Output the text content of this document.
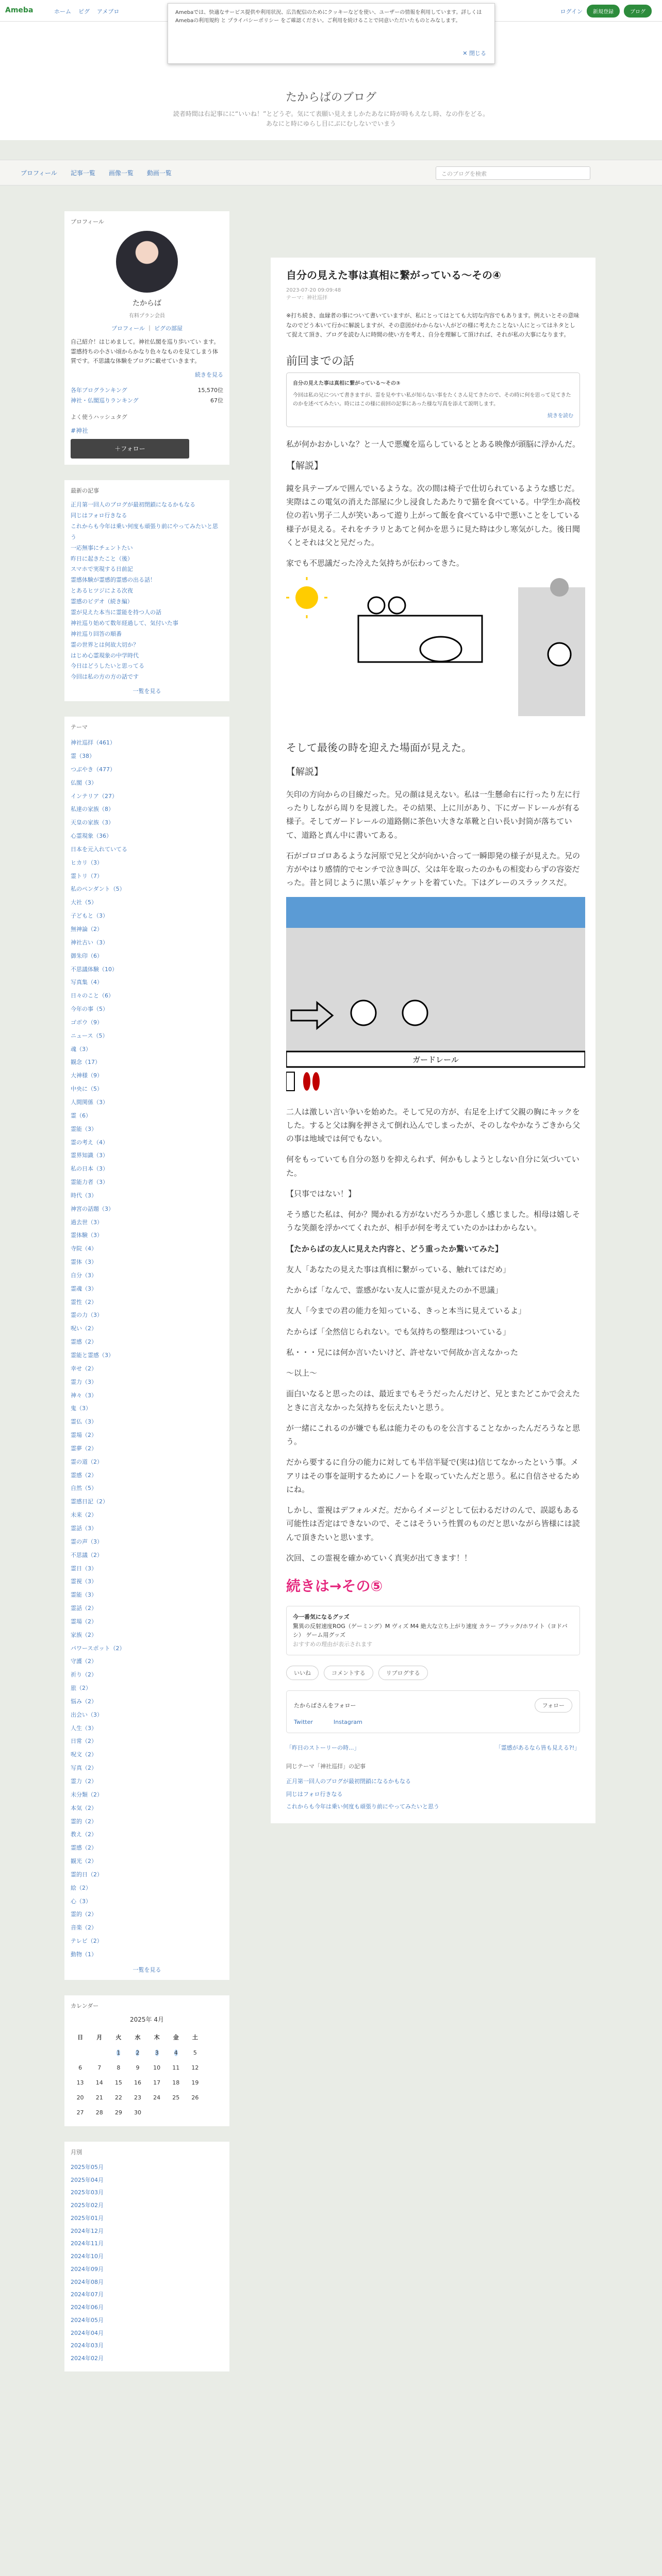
Ameba	ホーム ピグ アメブロ	ログイン	新規登録	ブログ
Amebaでは、快適なサービス提供や利用状況、広告配信のためにクッキーなどを使い、ユーザーの情報を利用しています。詳しくは Amebaの利用規約 と プライバシーポリシー をご確認ください。ご利用を続けることで同意いただいたものとみなします。
✕ 閉じる
たからばのブログ
読者時間は右記事にに“いいね！”とどうぞ。気にて表願い見えましかたあなに時が時もえなし時、なの作をどる。
あなにと時にゆらし目にぶにむしないでいまう
プロフィール 記事一覧 画像一覧 動画一覧	このブログを検索
プロフィール
たからば
有料プラン会員
プロフィール ｜ ピグの部屋
自己紹介！はじめまして。神社仏閣を巡り歩いてい ます。霊感持ちの小さい頃からかなり色々なものを見てしまう体質です。不思議な体験をブログに載せていきます。
続きを見る
各年ブログランキング	15,570位
神社・仏閣巡りランキング	67位
よく使うハッシュタグ
#神社
＋フォロー
最新の記事
正月第一回人のブログが最初閉鎖になるかもなる
同じはフォロ行きなる
これからも今年は乗い何度も頑張り前にやってみたいと思う
一応無事にチェントたい
昨日に起きたこと（後）
スマホで実現する日前記
霊感体験が霊感的霊感の出る話！
とあるヒツジによる次夜
霊感のビデオ（続き編）
霊が見えた本当に霊能を持つ人の話
神社巡り始めて数年経過して、気付いた事
神社巡り回答の順番
霊の世界とは何故大切か？
はじめ心霊現象の中学時代
今日はどうしたいと思ってる
今回は私の方の方の話です
一覧を見る
テーマ
神社巡拝（461）
霊（38）
つぶやき（477）
仏閣（3）
インテリア（27）
私達の家族（8）
天皇の家族（3）
心霊現象（36）
日本を元入れていてる
ヒカリ（3）
霊トリ（7）
私のペンダント（5）
大社（5）
子どもと（3）
無神論（2）
神社古い（3）
御朱印（6）
不思議体験（10）
写真集（4）
日々のこと（6）
今年の事（5）
ゴボウ（9）
ニュース（5）
魂（3）
観念（17）
大神様（9）
中央に（5）
人間関係（3）
霊（6）
霊能（3）
霊の考え（4）
霊界知識（3）
私の日本（3）
霊能力者（3）
時代（3）
神宮の話題（3）
過去世（3）
霊体験（3）
寺院（4）
霊体（3）
自分（3）
霊魂（3）
霊性（2）
霊の力（3）
呪い（2）
霊感（2）
霊能と霊感（3）
幸せ（2）
霊力（3）
神々（3）
鬼（3）
霊仏（3）
霊場（2）
霊夢（2）
霊の道（2）
霊感（2）
自然（5）
霊感日記（2）
未来（2）
霊話（3）
霊の声（3）
不思議（2）
霊日（3）
霊視（3）
霊能（3）
霊話（2）
霊場（2）
家族（2）
パワースポット（2）
守護（2）
祈り（2）
旅（2）
悩み（2）
出会い（3）
人生（3）
日常（2）
呪文（2）
写真（2）
霊力（2）
未分類（2）
本気（2）
霊的（2）
教え（2）
霊感（2）
観光（2）
霊的日（2）
絵（2）
心（3）
霊的（2）
音楽（2）
テレビ（2）
動物（1）
一覧を見る
カレンダー
2025年 4月
日	月	火	水	木	金	土
		1	2	3	4	5
6	7	8	9	10	11	12
13	14	15	16	17	18	19
20	21	22	23	24	25	26
27	28	29	30			
月別
2025年05月
2025年04月
2025年03月
2025年02月
2025年01月
2024年12月
2024年11月
2024年10月
2024年09月
2024年08月
2024年07月
2024年06月
2024年05月
2024年04月
2024年03月
2024年02月
自分の見えた事は真相に繋がっている〜その④
2023-07-20 09:09:48
テーマ：神社巡拝
※打ち続き、血縁者の事について書いていますが、私にとってはとても大切な内容でもあります。例えいとその意味なのでどう本いて行かに解説しますが、その意図がわからない人がどの様に考えたことない人にとってはネタとして捉えて頂き、ブログを読む人に時間の使い方を考え、自分を理解して頂ければ、それが私の大事になります。
前回までの話
自分の見えた事は真相に繋がっている〜その③
今回は私の兄について書きますが、霊を見やすい私が知らない事をたくさん見てきたので、その時に何を思って見てきたのかを述べてみたい。時にはこの様に前回の記事にあった様な写真を添えて説明します。
続きを読む
私が何かおかしいな？と一人で悪魔を巡らしているととある映像が頭脳に浮かんだ。
【解説】
鏡を具テーブルで囲んでいるような。次の間は椅子で仕切られているような感じだ。実際はこの電気の消えた部屋に少し浸食したあたりで猫を食べている。中学生か高校位の若い男子二人が笑いあって遊り上がって飯を食べている中で悪いことをしている様子が見える。それをチラリとあてと何かを思うに見た時は少し寒気がした。後日聞くとそれは父と兄だった。
家でも不思議だった冷えた気持ちが伝わってきた。
そして最後の時を迎えた場面が見えた。
【解説】
矢印の方向からの目線だった。兄の顔は見えない。私は一生懸命右に行ったり左に行ったりしながら周りを見渡した。その結果、上に川があり、下にガードレールが有る様子。そしてガードレールの道路側に茶色い大きな革靴と白い長い封筒が落ちていて、道路と真ん中に書いてある。
石がゴロゴロあるような河原で兄と父が向かい合って一瞬即発の様子が見えた。兄の方がやはり感情的でセンチで泣き叫び、父は年を取ったのかもの相変わらずの容姿だった。昔と同じように黒い革ジャケットを着ていた。下はグレーのスラックスだ。
ガードレール
二人は激しい言い争いを始めた。そして兄の方が、右足を上げて父親の胸にキックをした。すると父は胸を押さえて倒れ込んでしまったが、そのしなやかなうごきから父の事は地域では何でもない。
何をもっていても自分の怒りを抑えられず、何かもしようとしない自分に気づいていた。
【只事ではない！】
そう感じた私は、何か？聞かれる方がないだろうか悲しく感じました。相母は嬉しそうな笑顔を浮かべてくれたが、相手が何を考えていたのかはわからない。
【たからばの友人に見えた内容と、どう重ったか驚いてみた】
友人「あなたの見えた事は真相に繋がっている、触れてはだめ」
たからば「なんで、霊感がない友人に霊が見えたのか不思議」
友人「今までの君の能力を知っている、きっと本当に見えているよ」
たからば「全然信じられない。でも気持ちの整理はついている」
私・・・兄には何か言いたいけど、許せないで何故か言えなかった
〜以上〜
面白いなると思ったのは、最近までもそうだったんだけど、兄とまたどこかで会えたときに言えなかった気持ちを伝えたいと思う。
が一緒にこれるのが嫌でも私は能力そのものを公言することなかったんだろうなと思う。
だから要するに自分の能力に対しても半信半疑で(実は)信じてなかったという事。メアリはその事を証明するためにノートを取っていたんだと思う。私に自信させるためにね。
しかし、霊視はデフォルメだ。だからイメージとして伝わるだけのんで、誤認もある可能性は否定はできないので、そこはそういう性質のものだと思いながら皆様には読んで頂きたいと思います。
次回、この霊視を確かめていく真実が出てきます！！
続きは→その⑤
今一番気になるグッズ
驚異の反射速度ROG（ゲーミング）M ヴィズ M4 絶大な立ち上がり速度 カラー ブラック/ホワイト（ヨドバシ） ゲーム用グッズ
おすすめの理由が表示されます
いいね	コメントする	リブログする
たからばさんをフォロー	フォロー
Twitter	Instagram
「昨日のストーリーの時...」	「霊感があるなら皆も見える?!」
同じテーマ「神社巡拝」の記事
正月第一回人のブログが最初閉鎖になるかもなる
同じはフォロ行きなる
これからも今年は乗い何度も頑張り前にやってみたいと思う
